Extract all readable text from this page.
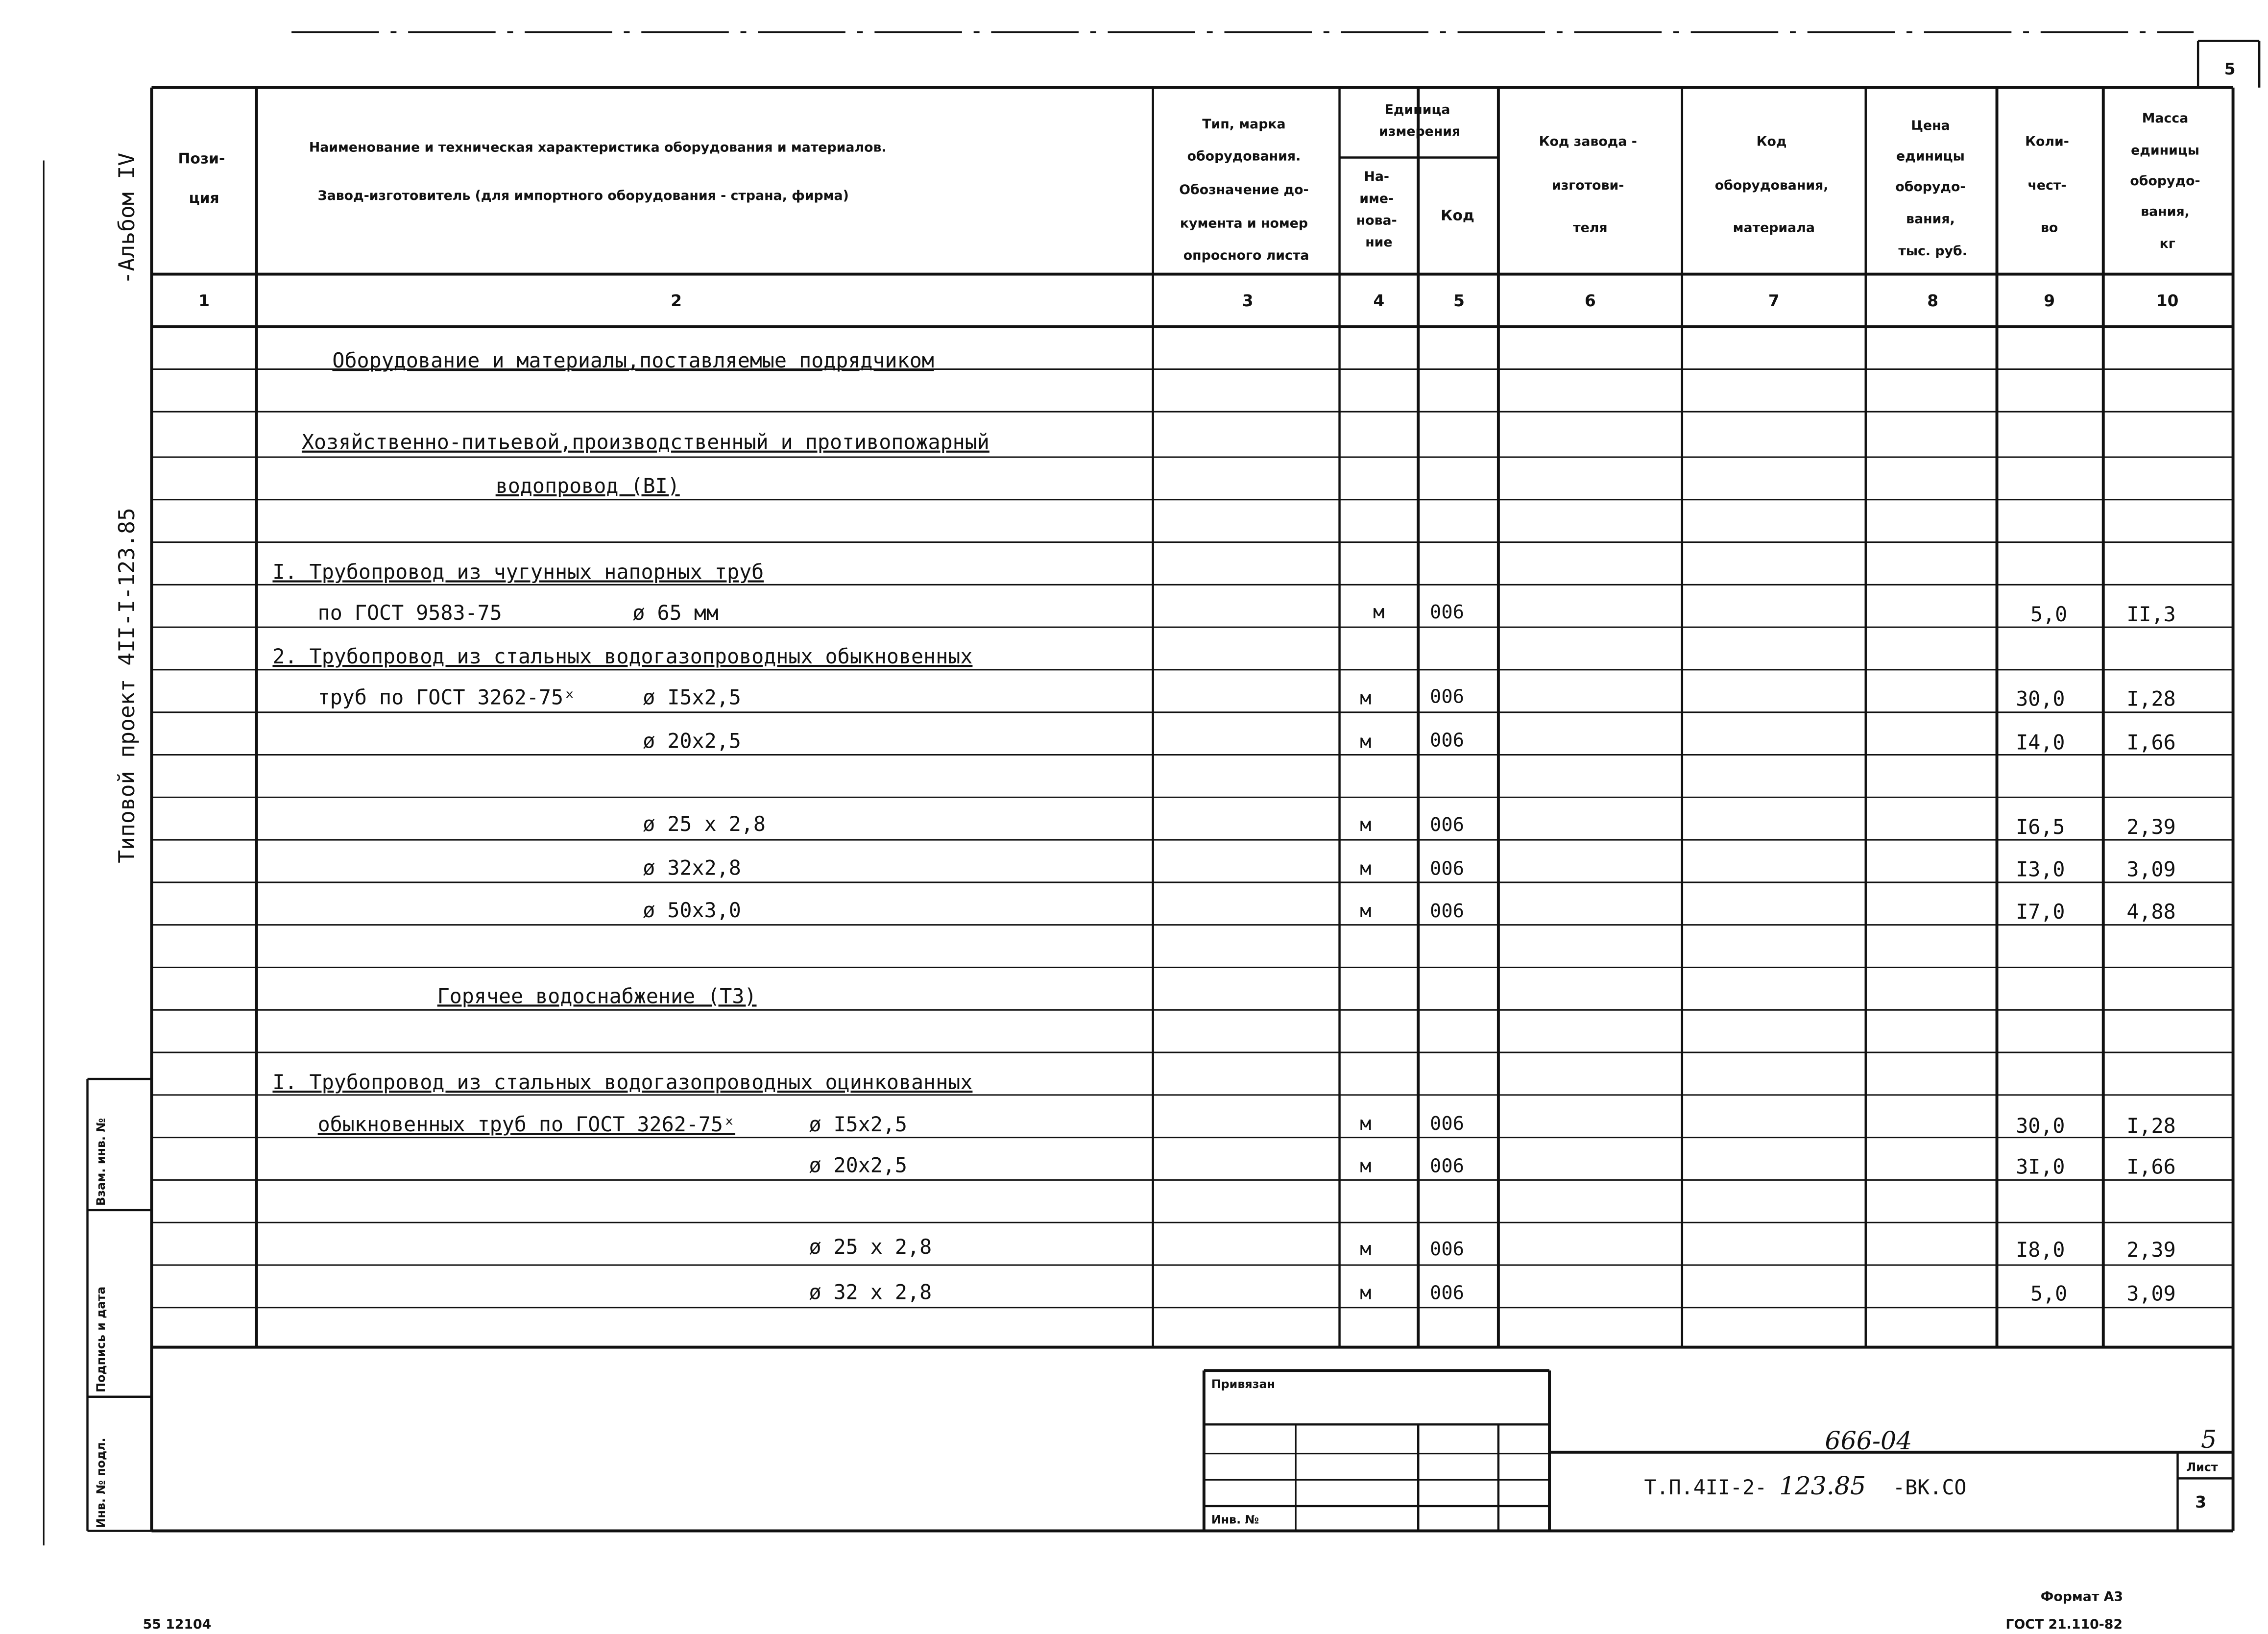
5
-Альбом IV
Типовой проект 4II-I-123.85
Взам. инв. №
Подпись и дата
Инв. № подл.
Пози- ция
Наименование и техническая характеристика оборудования и материалов.
Завод-изготовитель (для импортного оборудования - страна, фирма)
Тип, марка оборудования. Обозначение до- кумента и номер опросного листа
Единица измерения
На- име- нова- ние
Код
Код завода - изготови- теля
Код оборудования, материала
Цена единицы оборудо- вания, тыс. руб.
Коли- чест- во
Масса единицы оборудо- вания, кг
1	2	3	4	5	6	7	8	9	10
Оборудование и материалы,поставляемые подрядчиком
Хозяйственно-питьевой,производственный и противопожарный
водопровод (BI)
I. Трубопровод из чугунных напорных труб
по ГОСТ 9583-75	ø 65 мм	м	006	5,0	II,3
2. Трубопровод из стальных водогазопроводных обыкновенных
труб по ГОСТ 3262-75ˣ	ø I5x2,5	м	006	30,0	I,28
ø 20x2,5	м	006	I4,0	I,66
ø 25 x 2,8	м	006	I6,5	2,39
ø 32x2,8	м	006	I3,0	3,09
ø 50x3,0	м	006	I7,0	4,88
Горячее водоснабжение (T3)
I. Трубопровод из стальных водогазопроводных оцинкованных
обыкновенных труб по ГОСТ 3262-75ˣ	ø I5x2,5	м	006	30,0	I,28
ø 20x2,5	м	006	3I,0	I,66
ø 25 x 2,8	м	006	I8,0	2,39
ø 32 x 2,8	м	006	5,0	3,09
Привязан
Инв. №
666-04
Т.П.4II-2- 123.85	-ВК.СО
5
Лист
3
55 12104
Формат А3
ГОСТ 21.110-82
